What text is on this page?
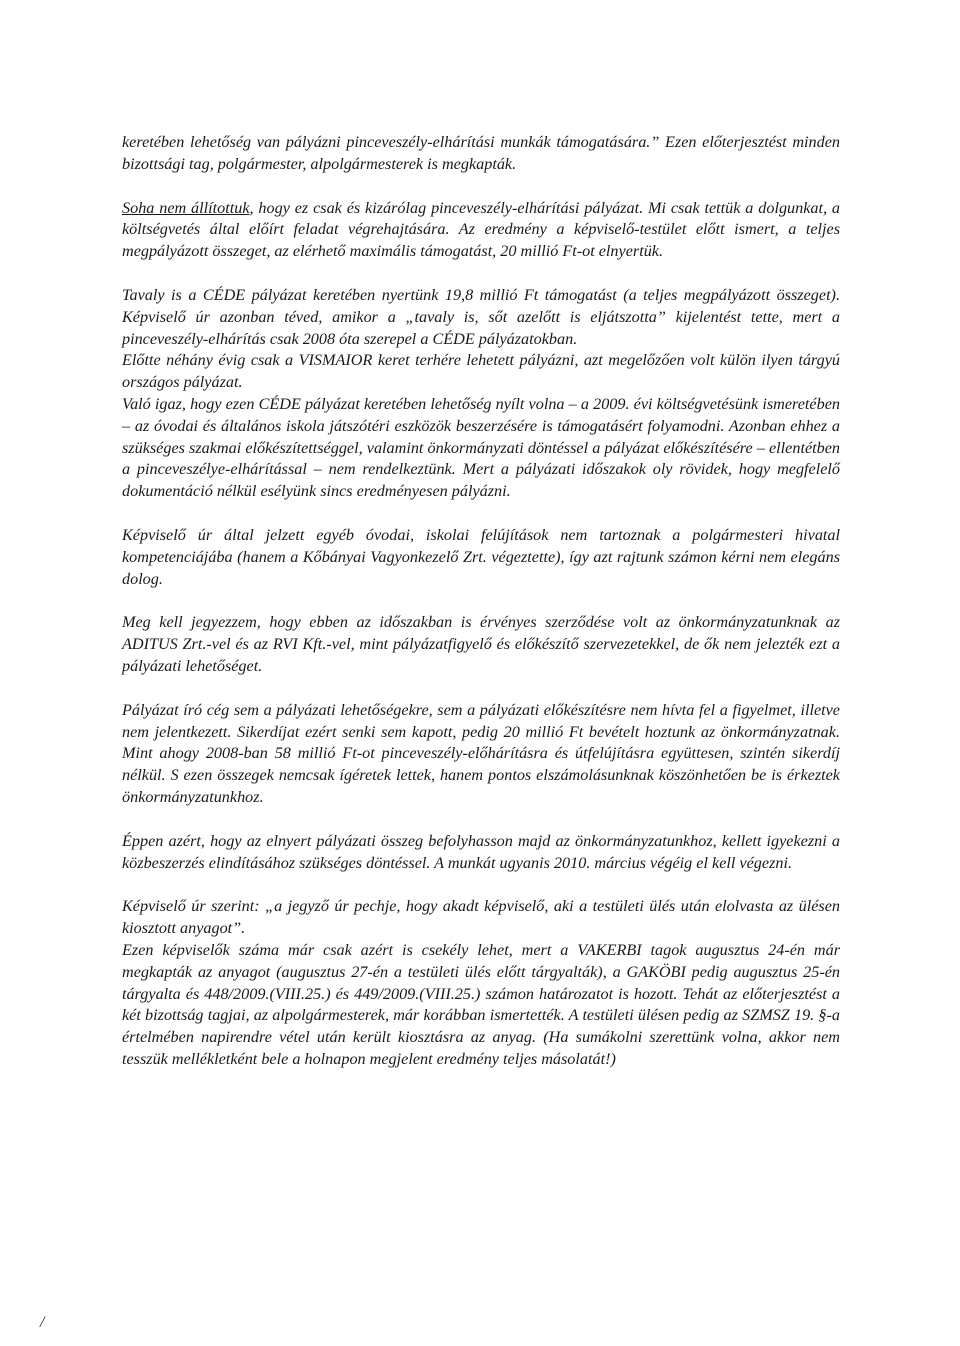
keretében lehetőség van pályázni pinceveszély-elhárítási munkák támogatására.” Ezen előterjesztést minden bizottsági tag, polgármester, alpolgármesterek is megkapták.

Soha nem állítottuk, hogy ez csak és kizárólag pinceveszély-elhárítási pályázat. Mi csak tettük a dolgunkat, a költségvetés által előírt feladat végrehajtására. Az eredmény a képviselő-testület előtt ismert, a teljes megpályázott összeget, az elérhető maximális támogatást, 20 millió Ft-ot elnyertük.

Tavaly is a CÉDE pályázat keretében nyertünk 19,8 millió Ft támogatást (a teljes megpályázott összeget). Képviselő úr azonban téved, amikor a „tavaly is, sőt azelőtt is eljátszotta” kijelentést tette, mert a pinceveszély-elhárítás csak 2008 óta szerepel a CÉDE pályázatokban.

Előtte néhány évig csak a VISMAIOR keret terhére lehetett pályázni, azt megelőzően volt külön ilyen tárgyú országos pályázat.

Való igaz, hogy ezen CÉDE pályázat keretében lehetőség nyílt volna – a 2009. évi költségvetésünk ismeretében – az óvodai és általános iskola játszótéri eszközök beszerzésére is támogatásért folyamodni. Azonban ehhez a szükséges szakmai előkészítettséggel, valamint önkormányzati döntéssel a pályázat előkészítésére – ellentétben a pinceveszélye-elhárítással – nem rendelkeztünk. Mert a pályázati időszakok oly rövidek, hogy megfelelő dokumentáció nélkül esélyünk sincs eredményesen pályázni.

Képviselő úr által jelzett egyéb óvodai, iskolai felújítások nem tartoznak a polgármesteri hivatal kompetenciájába (hanem a Kőbányai Vagyonkezelő Zrt. végeztette), így azt rajtunk számon kérni nem elegáns dolog.

Meg kell jegyezzem, hogy ebben az időszakban is érvényes szerződése volt az önkormányzatunknak az ADITUS Zrt.-vel és az RVI Kft.-vel, mint pályázatfigyelő és előkészítő szervezetekkel, de ők nem jelezték ezt a pályázati lehetőséget.

Pályázat író cég sem a pályázati lehetőségekre, sem a pályázati előkészítésre nem hívta fel a figyelmet, illetve nem jelentkezett. Sikerdíjat ezért senki sem kapott, pedig 20 millió Ft bevételt hoztunk az önkormányzatnak. Mint ahogy 2008-ban 58 millió Ft-ot pinceveszély-előhárításra és útfelújításra együttesen, szintén sikerdíj nélkül. S ezen összegek nemcsak ígéretek lettek, hanem pontos elszámolásunknak köszönhetően be is érkeztek önkormányzatunkhoz.

Éppen azért, hogy az elnyert pályázati összeg befolyhasson majd az önkormányzatunkhoz, kellett igyekezni a közbeszerzés elindításához szükséges döntéssel. A munkát ugyanis 2010. március végéig el kell végezni.

Képviselő úr szerint: „a jegyző úr pechje, hogy akadt képviselő, aki a testületi ülés után elolvasta az ülésen kiosztott anyagot”.

Ezen képviselők száma már csak azért is csekély lehet, mert a VAKERBI tagok augusztus 24-én már megkapták az anyagot (augusztus 27-én a testületi ülés előtt tárgyalták), a GAKÖBI pedig augusztus 25-én tárgyalta és 448/2009.(VIII.25.) és 449/2009.(VIII.25.) számon határozatot is hozott. Tehát az előterjesztést a két bizottság tagjai, az alpolgármesterek, már korábban ismertették. A testületi ülésen pedig az SZMSZ 19. §-a értelmében napirendre vétel után került kiosztásra az anyag. (Ha sumákolni szerettünk volna, akkor nem tesszük mellékletként bele a holnapon megjelent eredmény teljes másolatát!)

/
